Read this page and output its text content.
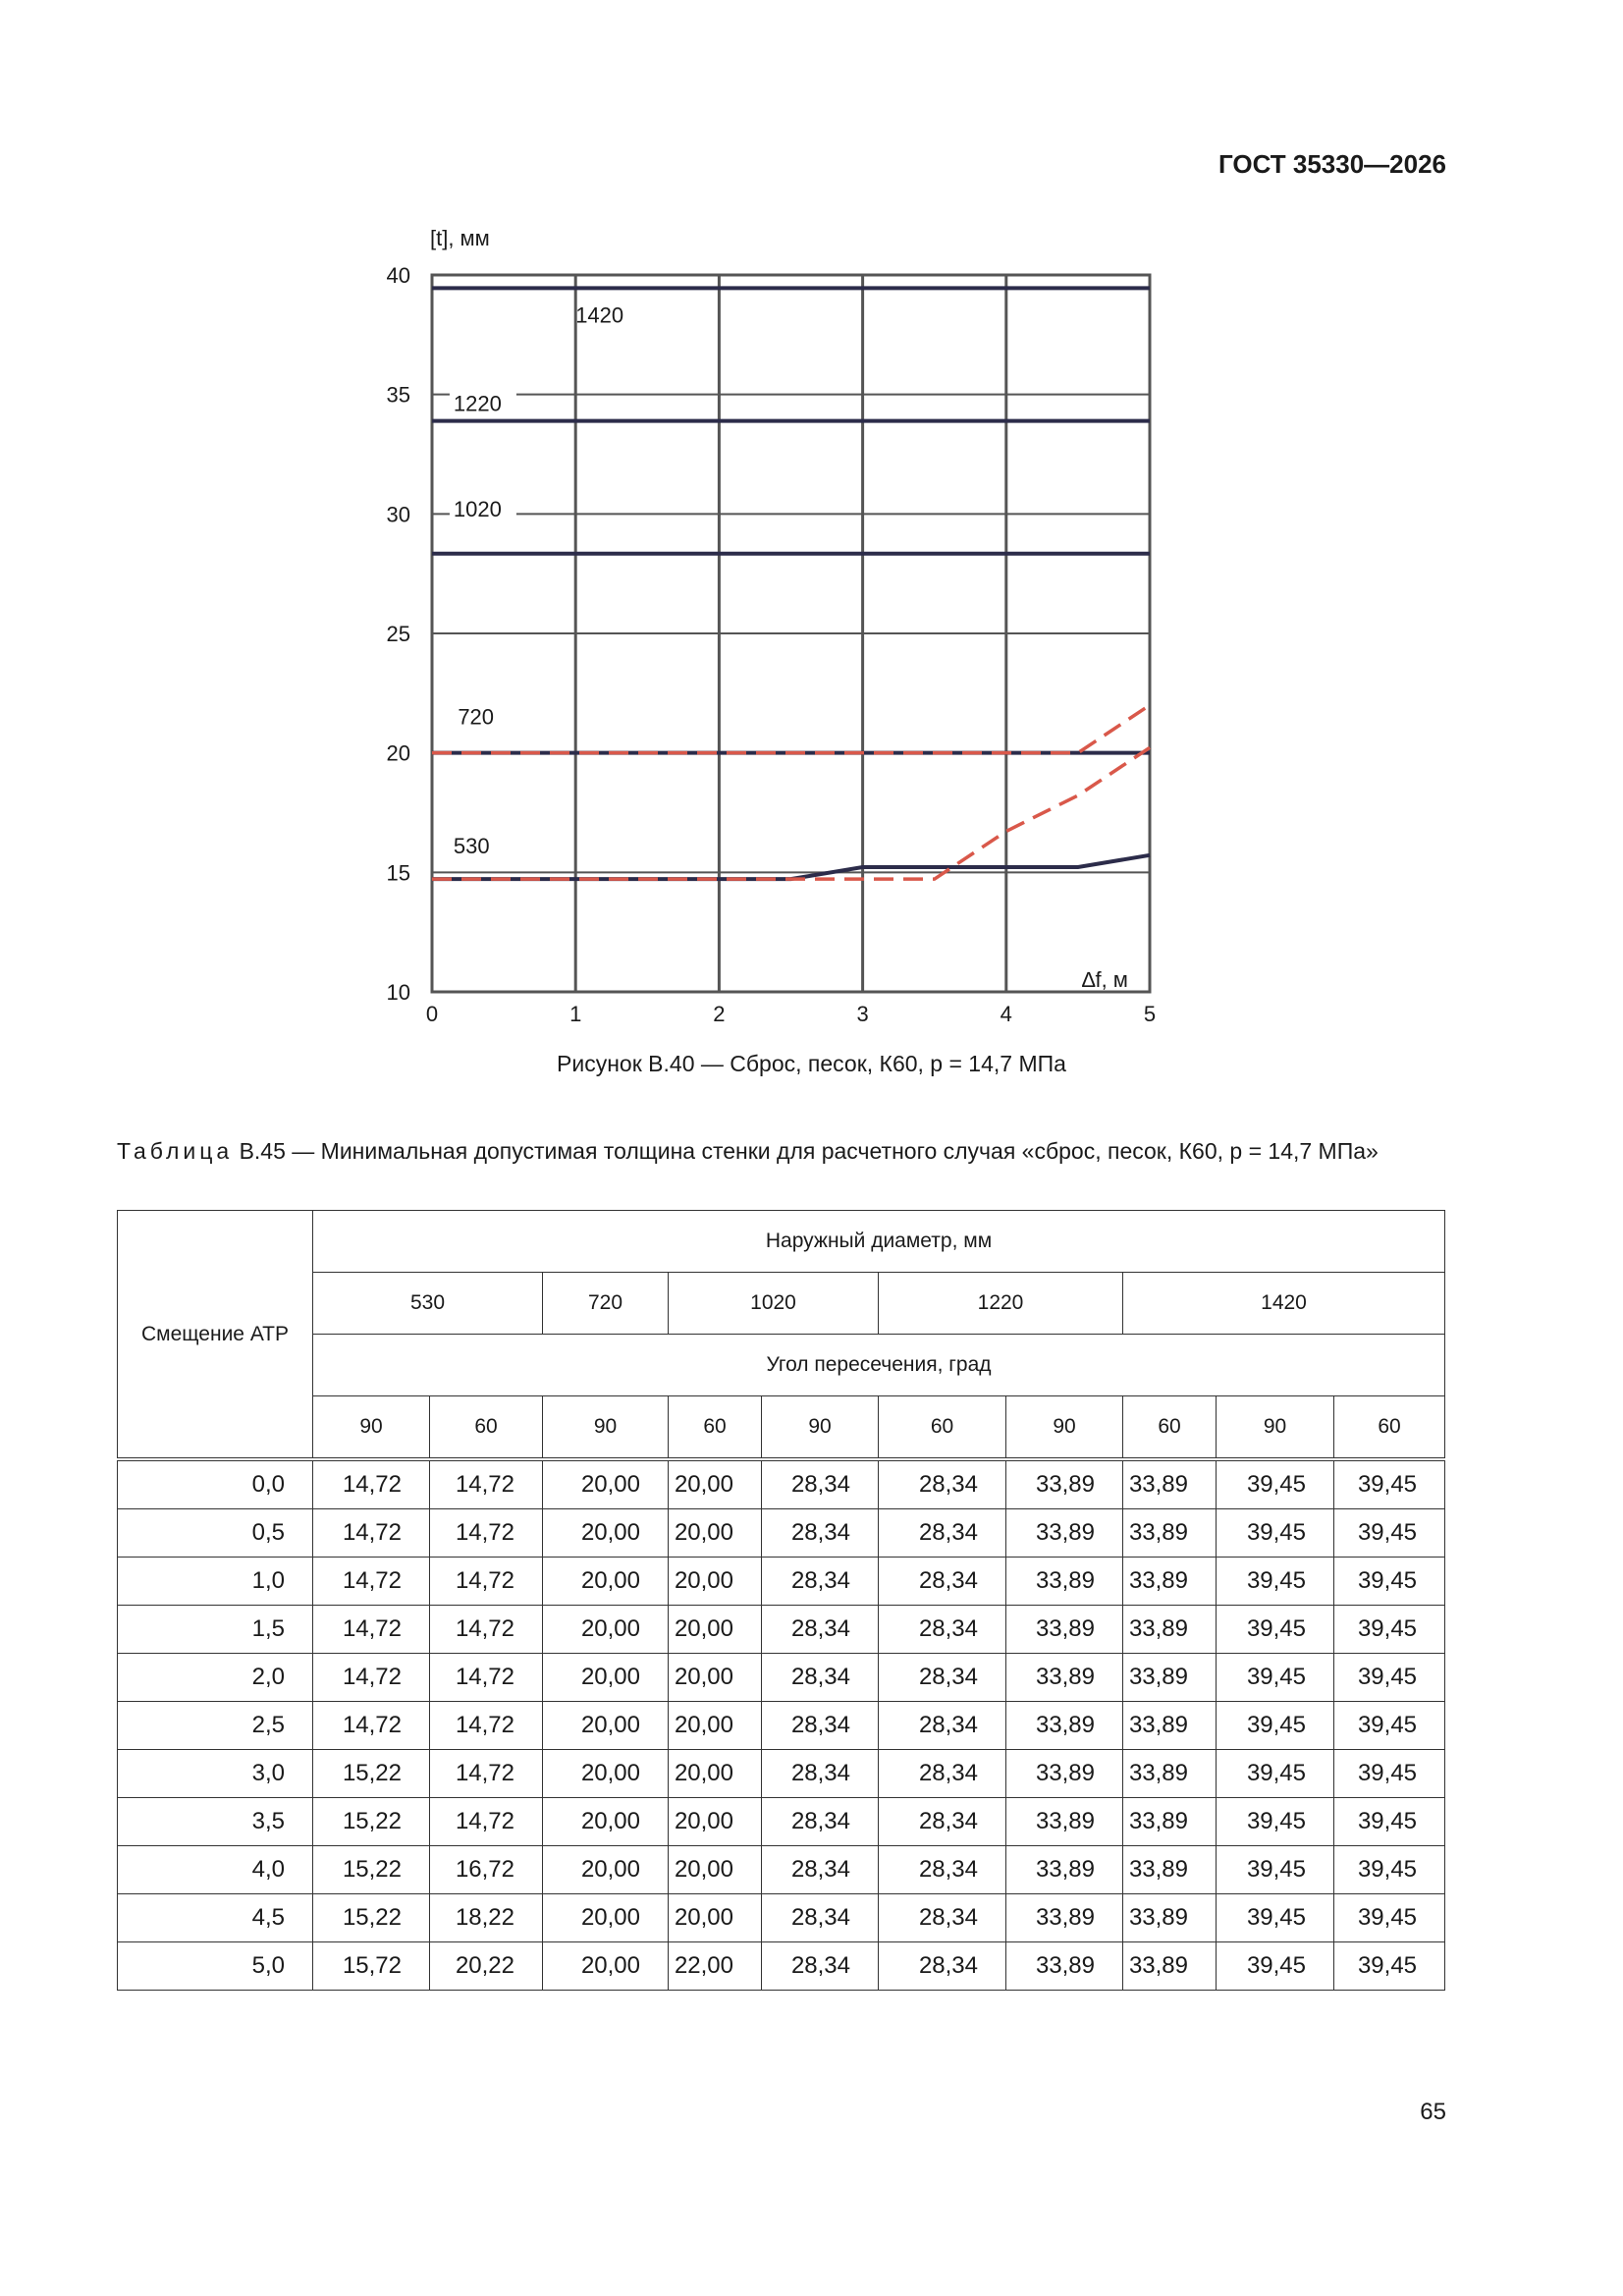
ГОСТ 35330—2026
1420
1220
1020
720
530
0	1	2	3	4	5
10
15
20
25
30
35
40
[t], мм
∆f, м
Рисунок В.40 — Сброс, песок, К60, р = 14,7 МПа
Таблица В.45 — Минимальная допустимая толщина стенки для расчетного случая «сброс, песок, К60, р = 14,7 МПа»
Смещение АТР	Наружный диаметр, мм									
	530		720	1020		1220		1420		
	Угол пересечения, град									
	90	60	90	60	90	60	90	60	90	60
0,0	14,72	14,72	20,00	20,00	28,34	28,34	33,89	33,89	39,45	39,45
0,5	14,72	14,72	20,00	20,00	28,34	28,34	33,89	33,89	39,45	39,45
1,0	14,72	14,72	20,00	20,00	28,34	28,34	33,89	33,89	39,45	39,45
1,5	14,72	14,72	20,00	20,00	28,34	28,34	33,89	33,89	39,45	39,45
2,0	14,72	14,72	20,00	20,00	28,34	28,34	33,89	33,89	39,45	39,45
2,5	14,72	14,72	20,00	20,00	28,34	28,34	33,89	33,89	39,45	39,45
3,0	15,22	14,72	20,00	20,00	28,34	28,34	33,89	33,89	39,45	39,45
3,5	15,22	14,72	20,00	20,00	28,34	28,34	33,89	33,89	39,45	39,45
4,0	15,22	16,72	20,00	20,00	28,34	28,34	33,89	33,89	39,45	39,45
4,5	15,22	18,22	20,00	20,00	28,34	28,34	33,89	33,89	39,45	39,45
5,0	15,72	20,22	20,00	22,00	28,34	28,34	33,89	33,89	39,45	39,45
65
